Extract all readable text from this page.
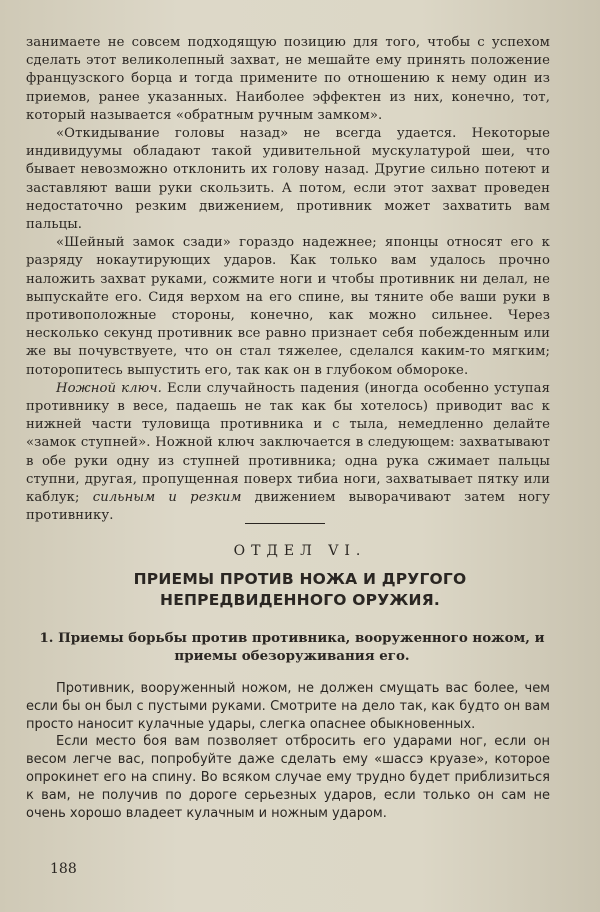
занимаете не совсем подходящую позицию для того, чтобы с успехом сделать этот великолепный захват, не мешайте ему принять положение французского борца и тогда примените по отношению к нему один из приемов, ранее указанных. Наиболее эффектен из них, конечно, тот, который называется «обратным ручным замком».

«Откидывание головы назад» не всегда удается. Некоторые индивидуумы обладают такой удивительной мускулатурой шеи, что бывает невозможно отклонить их голову назад. Другие сильно потеют и заставляют ваши руки скользить. А потом, если этот захват проведен недостаточно резким движением, противник может захватить вам пальцы.

«Шейный замок сзади» гораздо надежнее; японцы относят его к разряду нокаутирующих ударов. Как только вам удалось прочно наложить захват руками, сожмите ноги и чтобы противник ни делал, не выпускайте его. Сидя верхом на его спине, вы тяните обе ваши руки в противоположные стороны, конечно, как можно сильнее. Через несколько секунд противник все равно признает себя побежденным или же вы почувствуете, что он стал тяжелее, сделался каким-то мягким; поторопитесь выпустить его, так как он в глубоком обмороке.

Ножной ключ. Если случайность падения (иногда особенно уступая противнику в весе, падаешь не так как бы хотелось) приводит вас к нижней части туловища противника и с тыла, немедленно делайте «замок ступней». Ножной ключ заключается в следующем: захватывают в обе руки одну из ступней противника; одна рука сжимает пальцы ступни, другая, пропущенная поверх тибиа ноги, захватывает пятку или каблук; сильным и резким движением выворачивают затем ногу противнику.

ОТДЕЛ VI.
ПРИЕМЫ ПРОТИВ НОЖА И ДРУГОГО НЕПРЕДВИДЕННОГО ОРУЖИЯ.
1. Приемы борьбы против противника, вооруженного ножом, и приемы обезоруживания его.

Противник, вооруженный ножом, не должен смущать вас более, чем если бы он был с пустыми руками. Смотрите на дело так, как будто он вам просто наносит кулачные удары, слегка опаснее обыкновенных.

Если место боя вам позволяет отбросить его ударами ног, если он весом легче вас, попробуйте даже сделать ему «шассэ круазе», которое опрокинет его на спину. Во всяком случае ему трудно будет приблизиться к вам, не получив по дороге серьезных ударов, если только он сам не очень хорошо владеет кулачным и ножным ударом.

188
